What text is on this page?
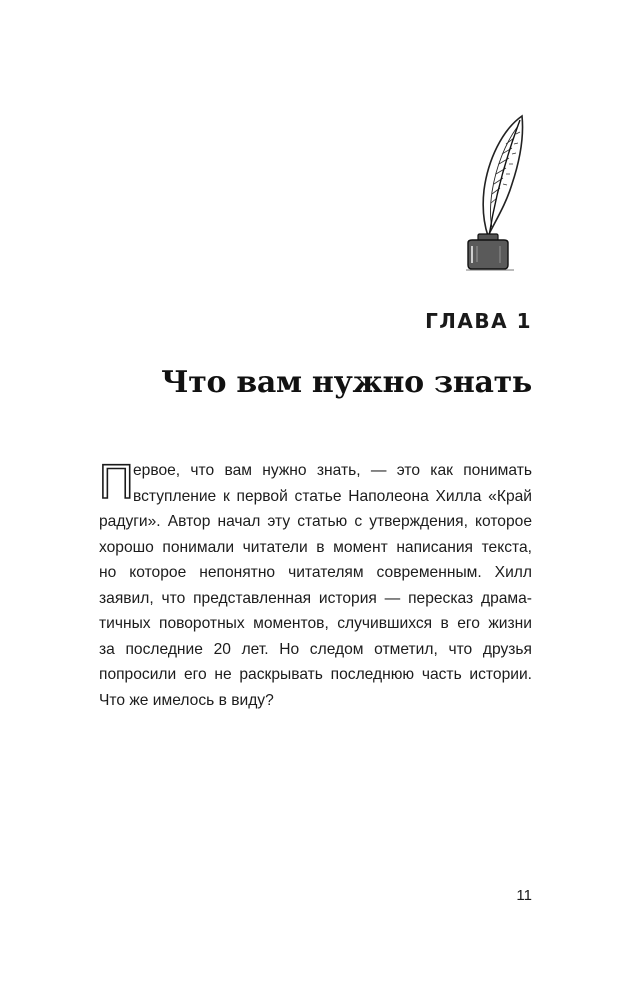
ГЛАВА 1
Что вам нужно знать
П ервое, что вам нужно знать, — это как понимать
вступление к первой статье Наполеона Хилла «Край
радуги». Автор начал эту статью с утверждения, которое
хорошо понимали читатели в момент написания текста,
но которое непонятно читателям современным. Хилл
заявил, что представленная история — пересказ драма-
тичных поворотных моментов, случившихся в его жизни
за последние 20 лет. Но следом отметил, что друзья
попросили его не раскрывать последнюю часть истории.
Что же имелось в виду?
11
